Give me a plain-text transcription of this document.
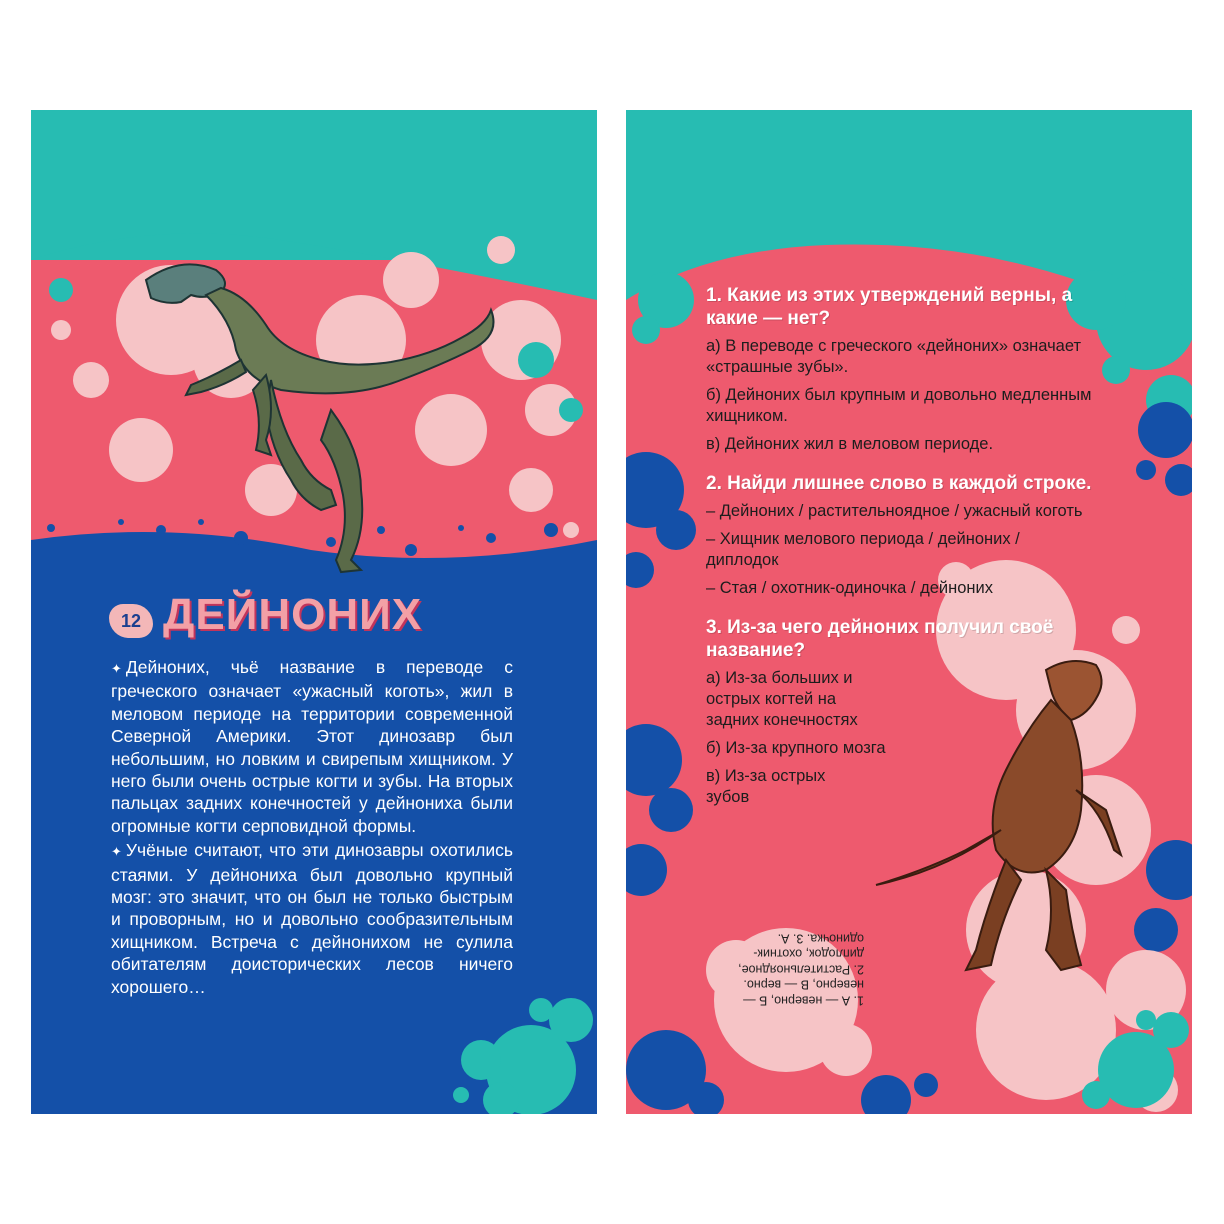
12 ДЕЙНОНИХ

✦ Дейноних, чьё название в переводе с греческого означает «ужасный коготь», жил в меловом периоде на территории современной Северной Америки. Этот динозавр был небольшим, но ловким и свирепым хищником. У него были очень острые когти и зубы. На вторых пальцах задних конечностей у дейнониха были огромные когти серповидной формы.

✦ Учёные считают, что эти динозавры охотились стаями. У дейнониха был довольно крупный мозг: это значит, что он был не только быстрым и проворным, но и довольно сообразительным хищником. Встреча с дейнонихом не сулила обитателям доисторических лесов ничего хорошего…

1. Какие из этих утверждений верны, а какие — нет?
а) В переводе с греческого «дейноних» означает «страшные зубы».
б) Дейноних был крупным и довольно медленным хищником.
в) Дейноних жил в меловом периоде.
2. Найди лишнее слово в каждой строке.
– Дейноних / растительноядное / ужасный коготь
– Хищник мелового периода / дейноних / диплодок
– Стая / охотник-одиночка / дейноних
3. Из-за чего дейноних получил своё название?
а) Из-за больших и острых когтей на задних конечностях
б) Из-за крупного мозга
в) Из-за острых зубов

1. А — неверно, Б —

неверно, В — верно.

2. Растительноядное,

диплодок, охотник-

одиночка. 3. А.
